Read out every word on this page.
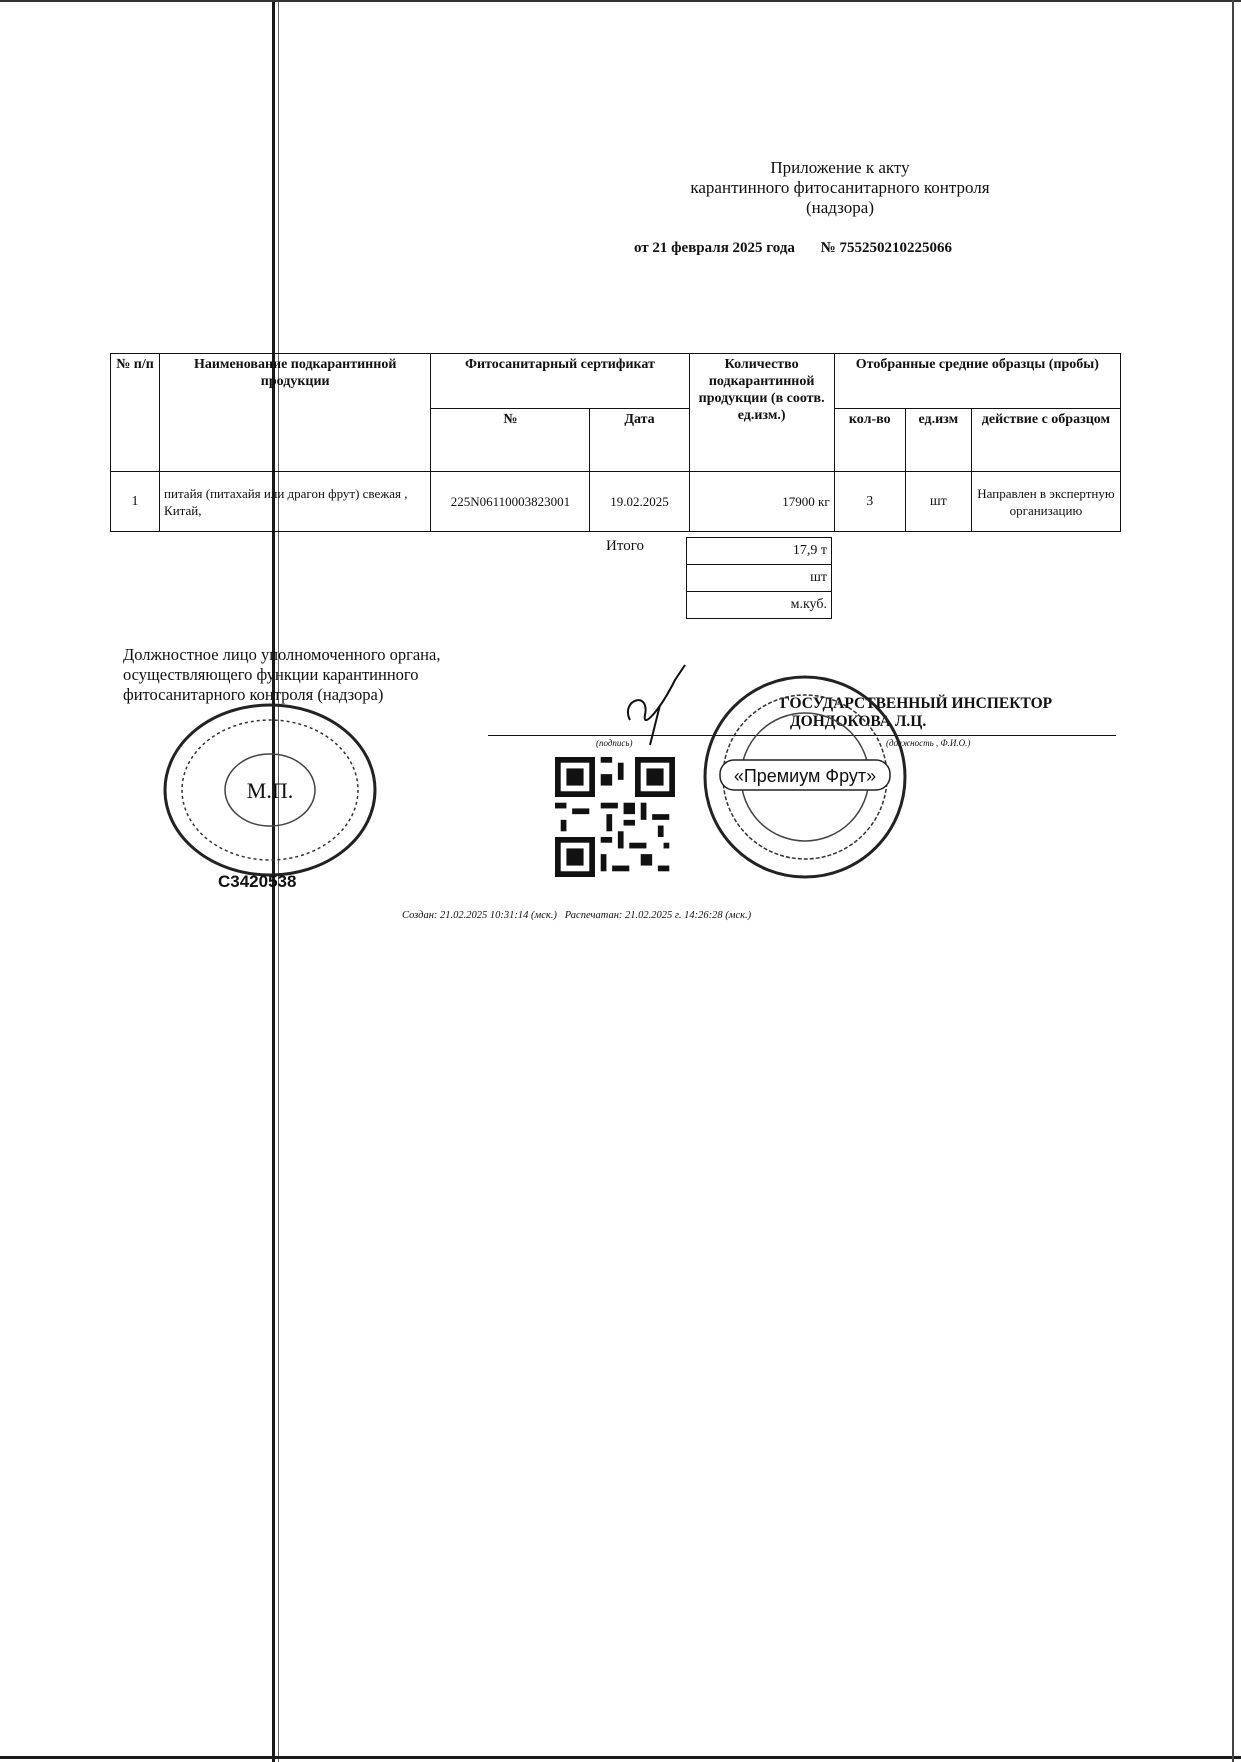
Приложение к акту
карантинного фитосанитарного контроля
(надзора)
от 21 февраля 2025 года № 755250210225066
№ п/п	Наименование подкарантинной продукции	Фитосанитарный сертификат		Количество подкарантинной продукции (в соотв. ед.изм.)	Отобранные средние образцы (пробы)		
		№	Дата		кол-во	ед.изм	действие с образцом
1	питайя (питахайя или драгон фрут) свежая , Китай,	225N06110003823001	19.02.2025	17900 кг	3	шт	Направлен в экспертную организацию
Итого	17,9 т
шт
м.куб.
Должностное лицо уполномоченного органа, осуществляющего функции карантинного фитосанитарного контроля (надзора)	ГОСУДАРСТВЕННЫЙ ИНСПЕКТОР
ДОНДОКОВА Л.Ц.
(подпись)	(должность , Ф.И.О.)
М.П.
C3420538
«Премиум Фрут»
Создан: 21.02.2025 10:31:14 (мск.) Распечатан: 21.02.2025 г. 14:26:28 (мск.)
